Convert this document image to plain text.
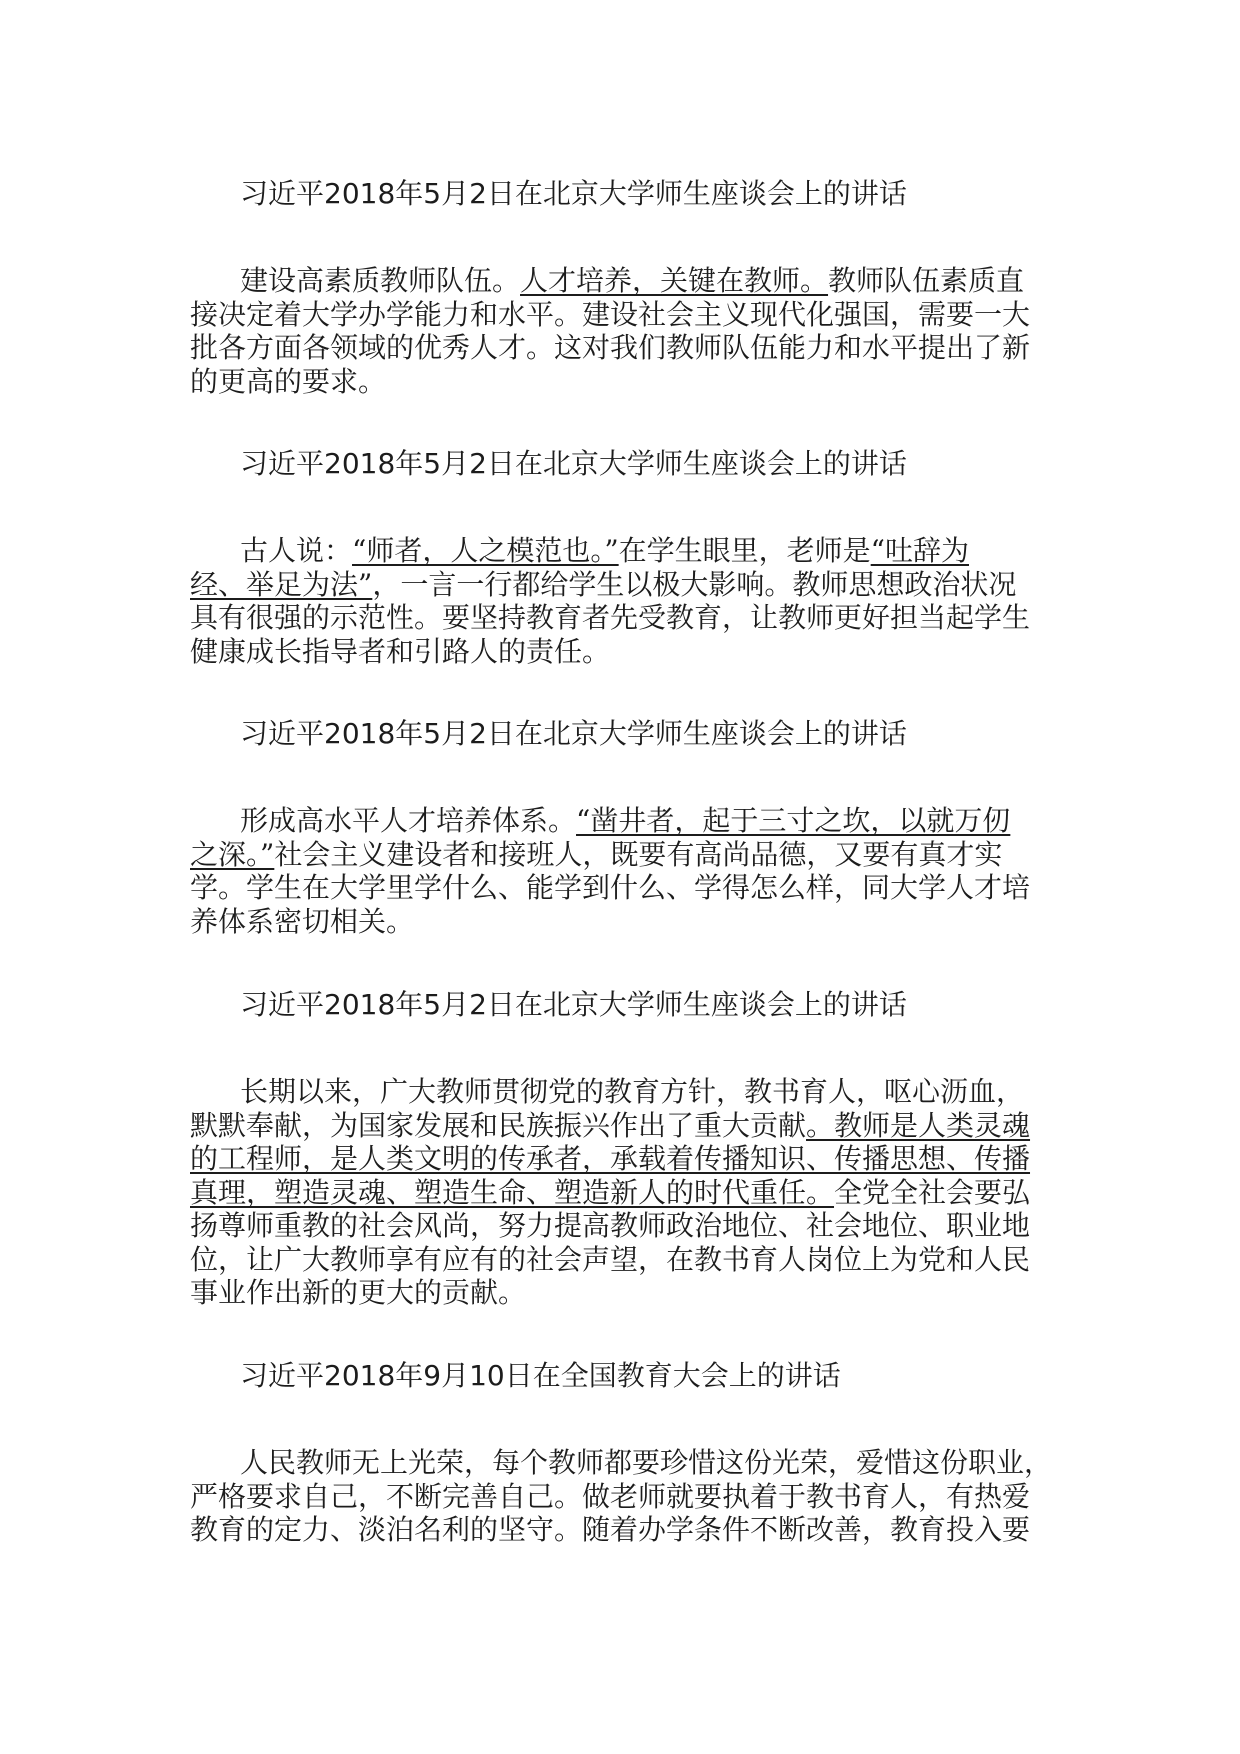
习近平2018年5月2日在北京大学师生座谈会上的讲话
建设高素质教师队伍。人才培养，关键在教师。教师队伍素质直
接决定着大学办学能力和水平。建设社会主义现代化强国，需要一大
批各方面各领域的优秀人才。这对我们教师队伍能力和水平提出了新
的更高的要求。
习近平2018年5月2日在北京大学师生座谈会上的讲话
古人说：“师者，人之模范也。”在学生眼里，老师是“吐辞为
经、举足为法”，一言一行都给学生以极大影响。教师思想政治状况
具有很强的示范性。要坚持教育者先受教育，让教师更好担当起学生
健康成长指导者和引路人的责任。
习近平2018年5月2日在北京大学师生座谈会上的讲话
形成高水平人才培养体系。“凿井者，起于三寸之坎，以就万仞
之深。”社会主义建设者和接班人，既要有高尚品德，又要有真才实
学。学生在大学里学什么、能学到什么、学得怎么样，同大学人才培
养体系密切相关。
习近平2018年5月2日在北京大学师生座谈会上的讲话
长期以来，广大教师贯彻党的教育方针，教书育人，呕心沥血，
默默奉献，为国家发展和民族振兴作出了重大贡献。教师是人类灵魂
的工程师，是人类文明的传承者，承载着传播知识、传播思想、传播
真理，塑造灵魂、塑造生命、塑造新人的时代重任。全党全社会要弘
扬尊师重教的社会风尚，努力提高教师政治地位、社会地位、职业地
位，让广大教师享有应有的社会声望，在教书育人岗位上为党和人民
事业作出新的更大的贡献。
习近平2018年9月10日在全国教育大会上的讲话
人民教师无上光荣，每个教师都要珍惜这份光荣，爱惜这份职业，
严格要求自己，不断完善自己。做老师就要执着于教书育人，有热爱
教育的定力、淡泊名利的坚守。随着办学条件不断改善，教育投入要
